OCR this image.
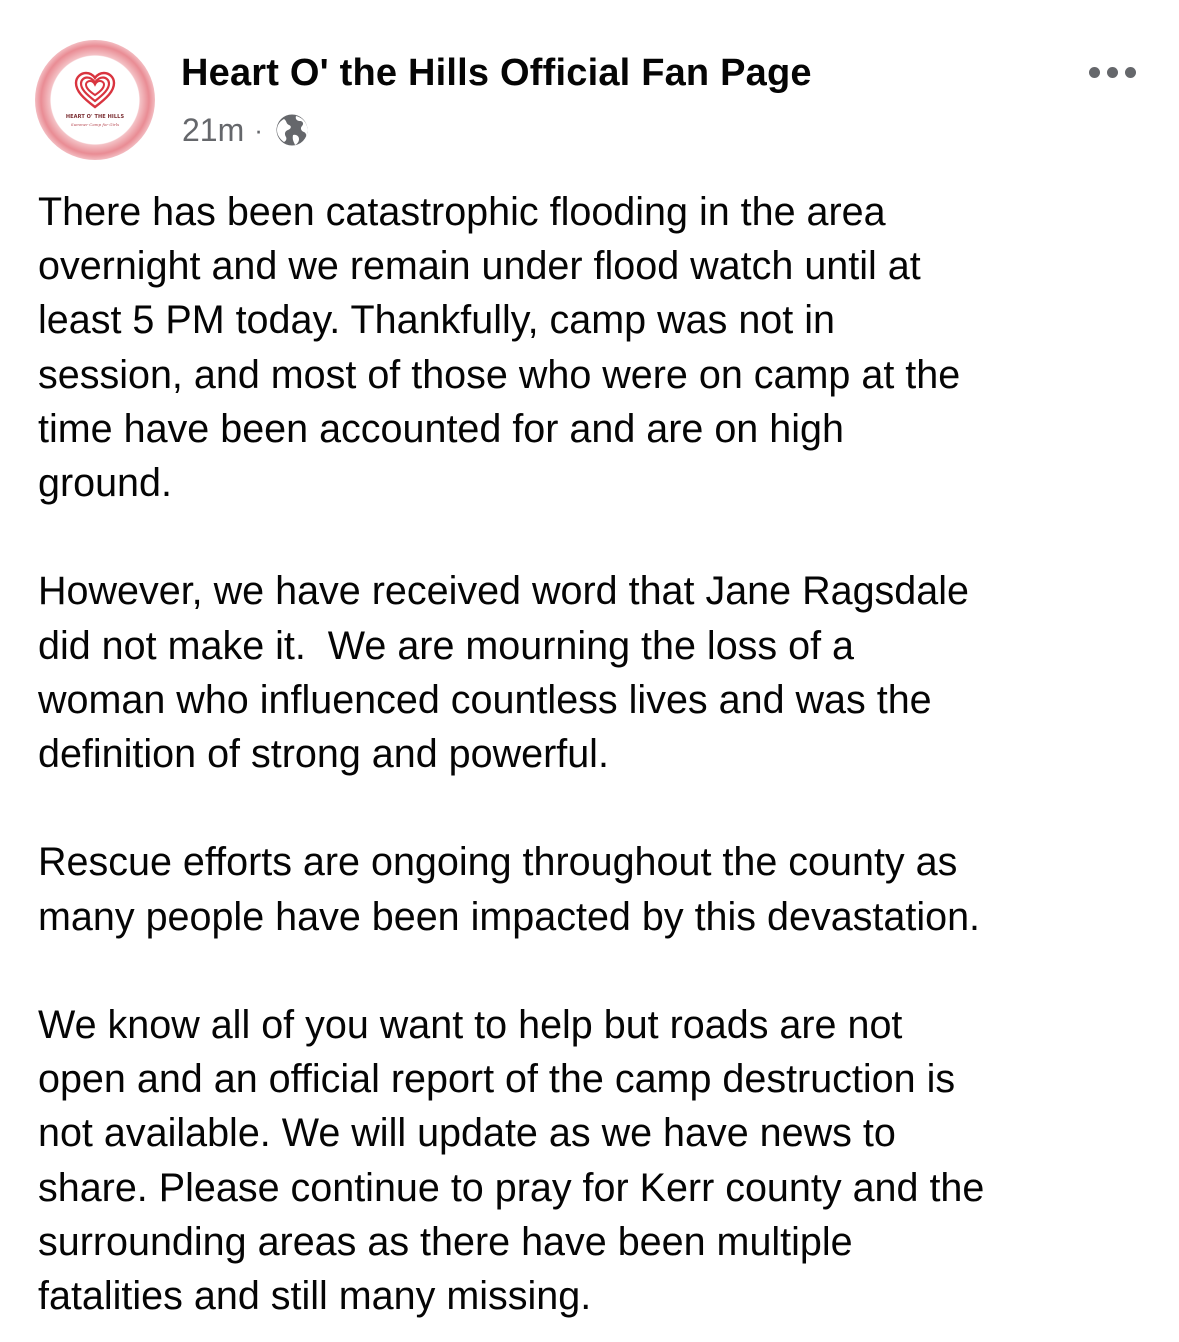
HEART O' THE HILLS
Summer Camp for Girls
Heart O' the Hills Official Fan Page
21m ·
There has been catastrophic flooding in the area
overnight and we remain under flood watch until at
least 5 PM today. Thankfully, camp was not in
session, and most of those who were on camp at the
time have been accounted for and are on high
ground.
However, we have received word that Jane Ragsdale
did not make it.  We are mourning the loss of a
woman who influenced countless lives and was the
definition of strong and powerful.
Rescue efforts are ongoing throughout the county as
many people have been impacted by this devastation.
We know all of you want to help but roads are not
open and an official report of the camp destruction is
not available. We will update as we have news to
share. Please continue to pray for Kerr county and the
surrounding areas as there have been multiple
fatalities and still many missing.
